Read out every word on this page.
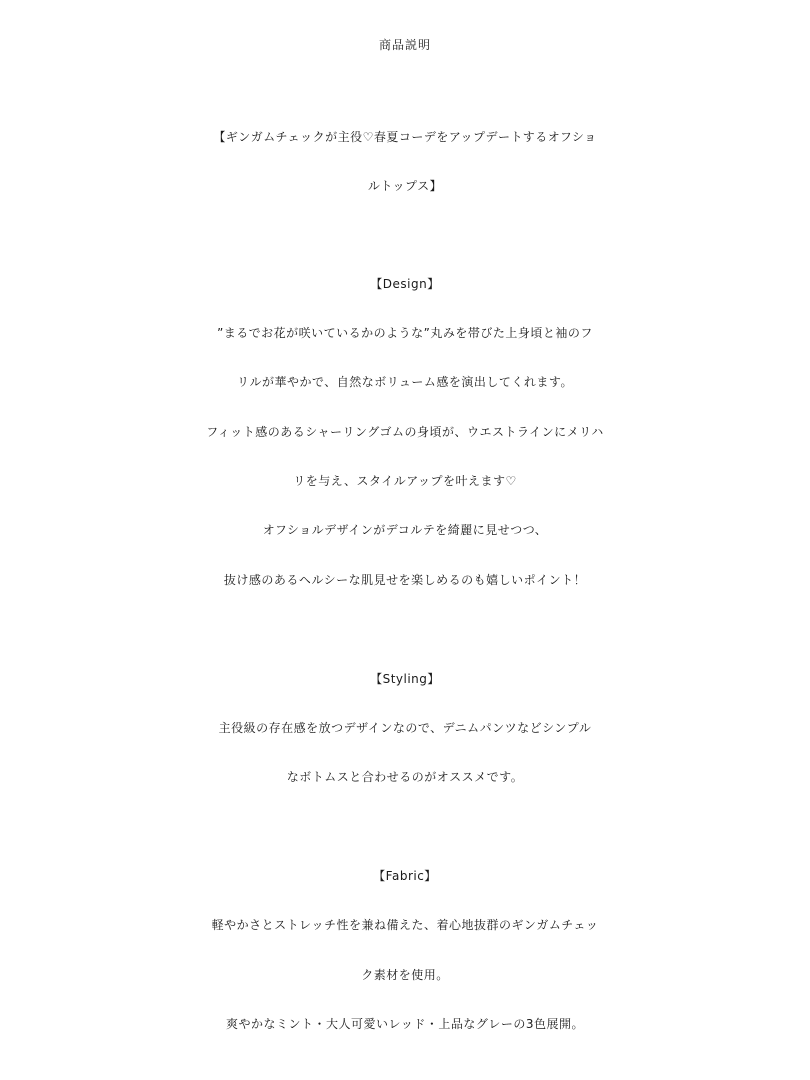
商品説明
【ギンガムチェックが主役♡春夏コーデをアップデートするオフショ
ルトップス】
【Design】
”まるでお花が咲いているかのような”丸みを帯びた上身頃と袖のフ
リルが華やかで、自然なボリューム感を演出してくれます。
フィット感のあるシャーリングゴムの身頃が、ウエストラインにメリハ
リを与え、スタイルアップを叶えます♡
オフショルデザインがデコルテを綺麗に見せつつ、
抜け感のあるヘルシーな肌見せを楽しめるのも嬉しいポイント！
【Styling】
主役級の存在感を放つデザインなので、デニムパンツなどシンプル
なボトムスと合わせるのがオススメです。
【Fabric】
軽やかさとストレッチ性を兼ね備えた、着心地抜群のギンガムチェッ
ク素材を使用。
爽やかなミント・大人可愛いレッド・上品なグレーの3色展開。
